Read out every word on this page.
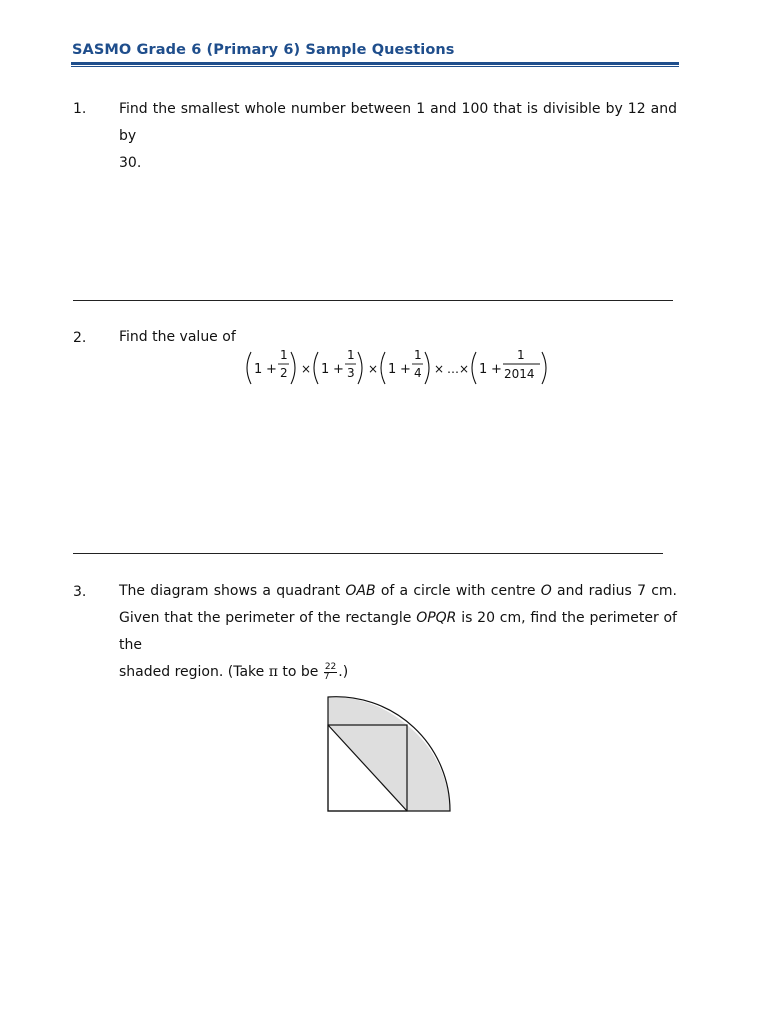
SASMO Grade 6 (Primary 6) Sample Questions
1. Find the smallest whole number between 1 and 100 that is divisible by 12 and by
30.
2. Find the value of
1 +
1
2 × 1 +
1
3 × 1 +
1
4 × …× 1 +
1
2014
3. The diagram shows a quadrant OAB of a circle with centre O and radius 7 cm.
Given that the perimeter of the rectangle OPQR is 20 cm, find the perimeter of the
shaded region. (Take π to be $\frac{22}{7}$ .)
